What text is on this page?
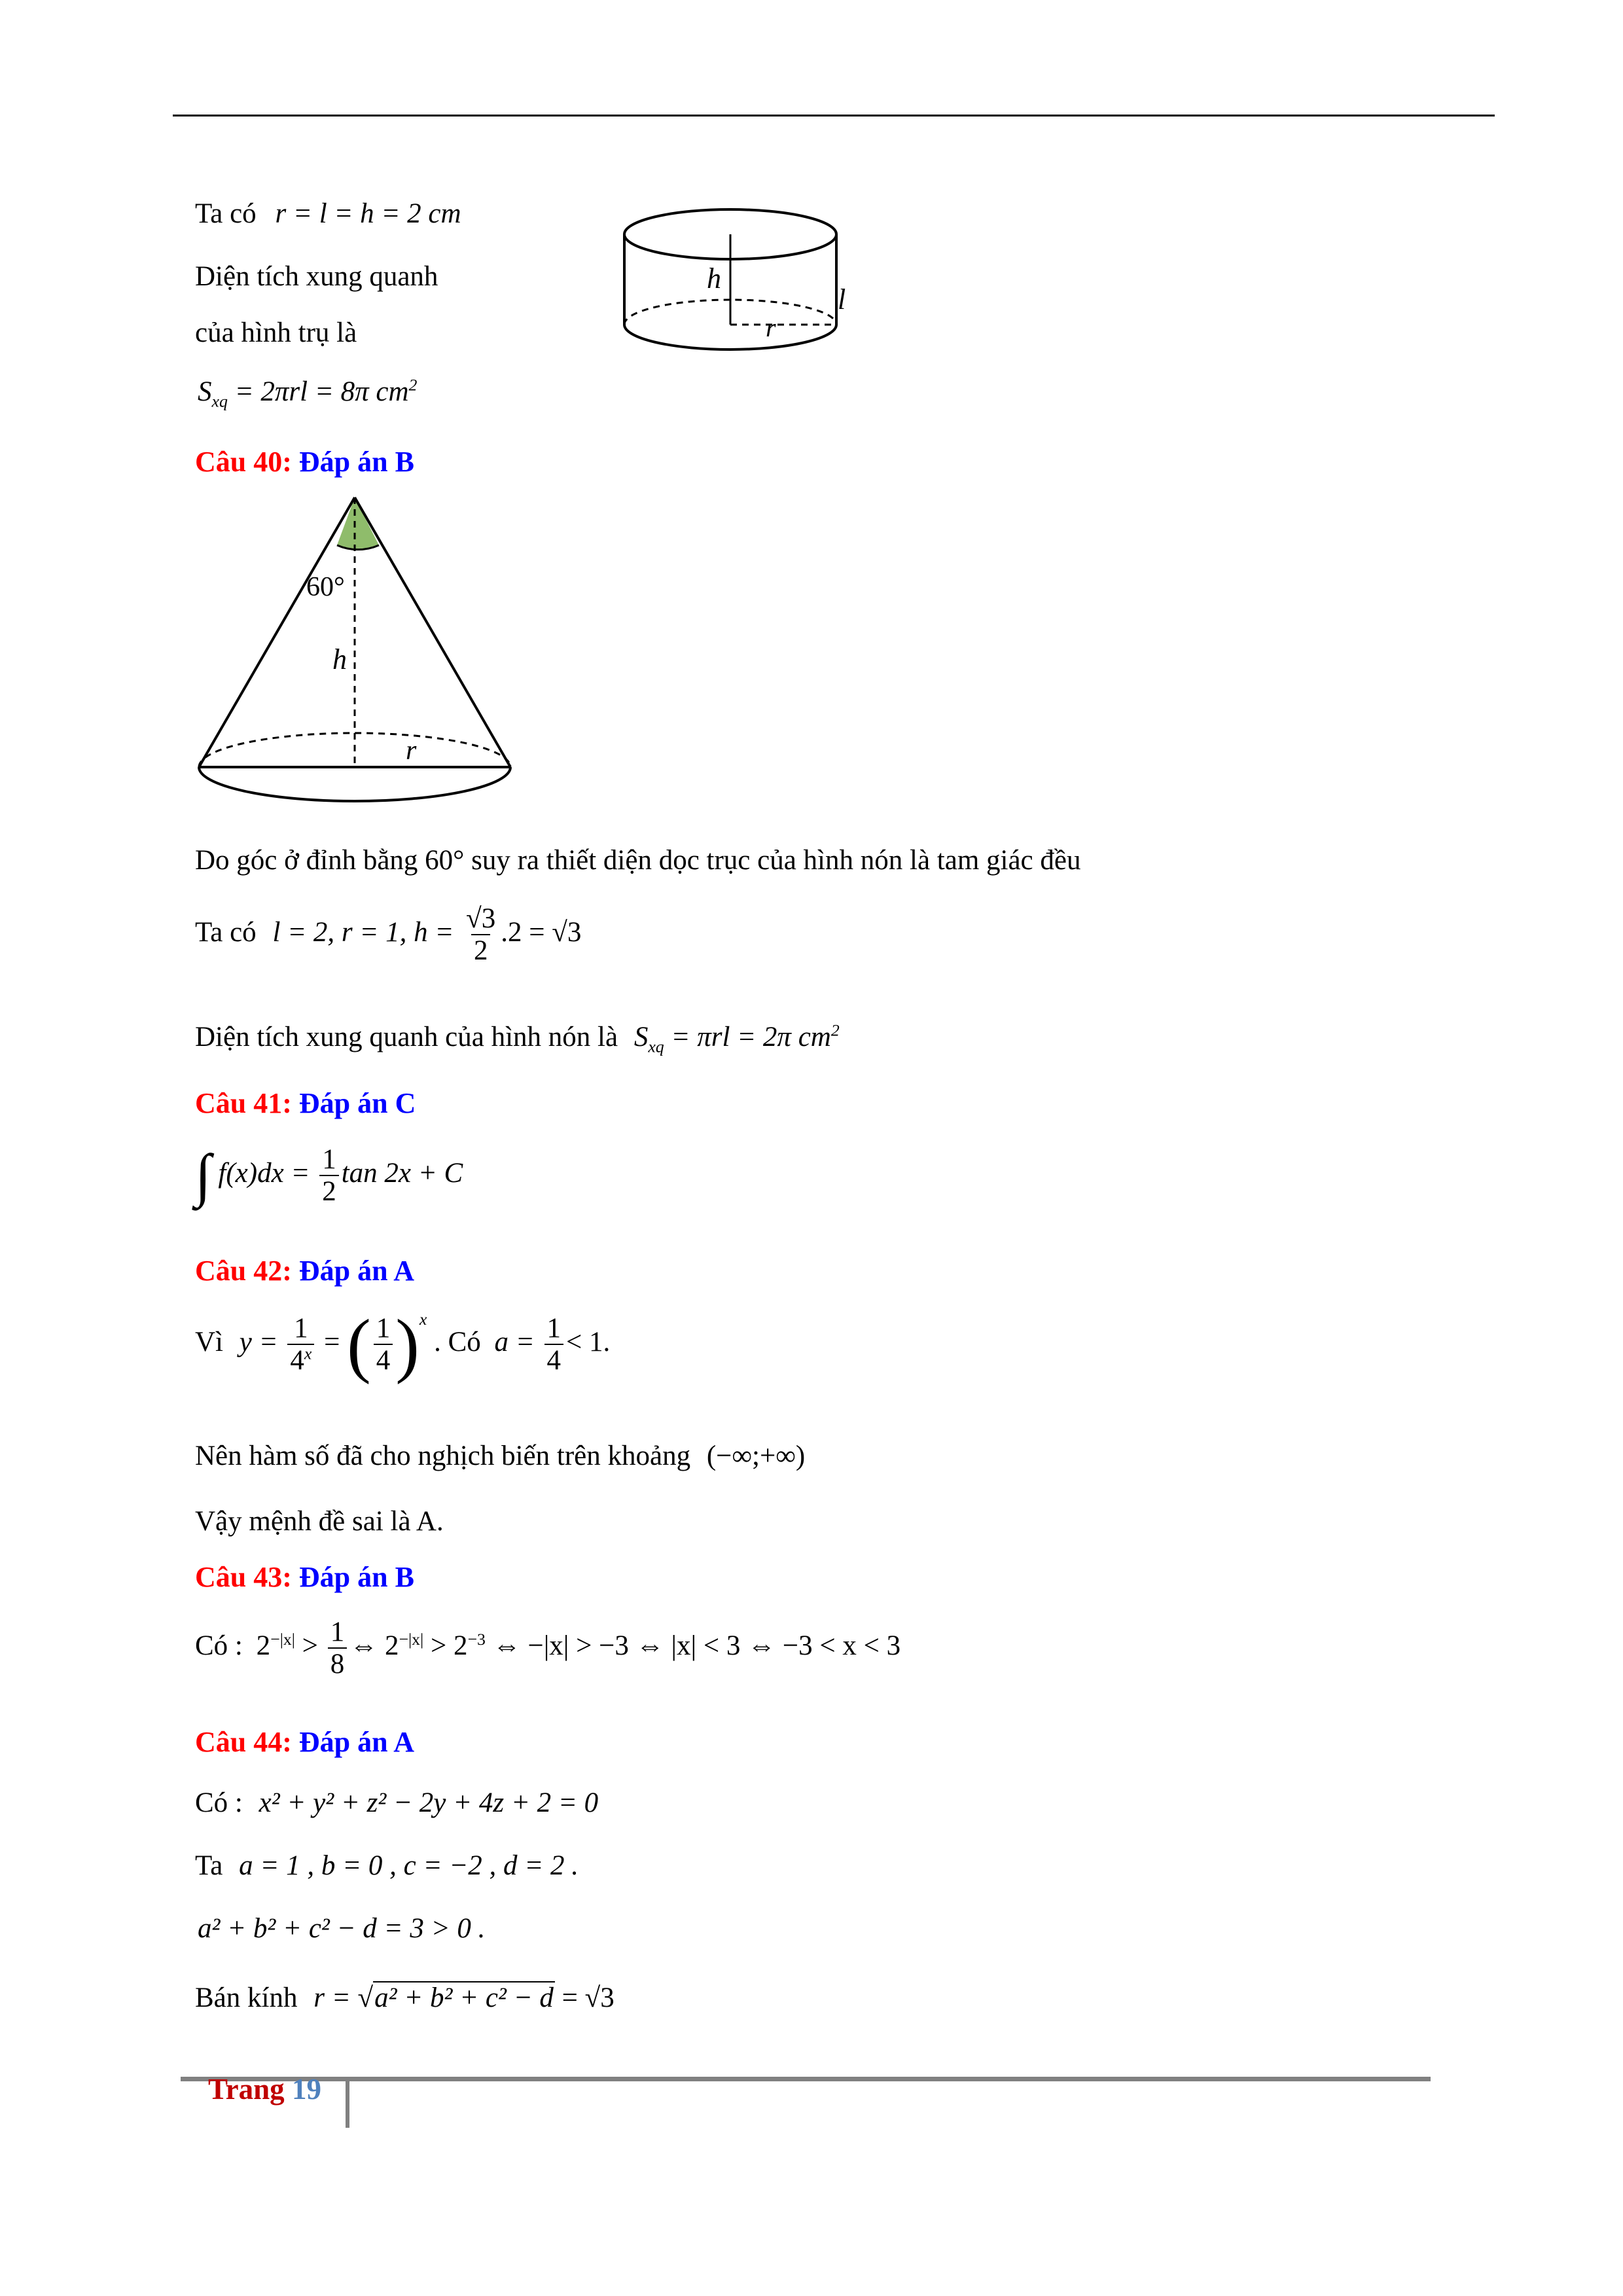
Ta có r = l = h = 2 cm
Diện tích xung quanh
của hình trụ là
$S_{xq} = 2\pi rl = 8\pi$ $cm^2$
h
l
r
Câu 40: Đáp án B
60°
h
r
Do góc ở đỉnh bằng 60° suy ra thiết diện dọc trục của hình nón là tam giác đều
Ta có l = 2, r = 1, $h = \frac{√3}{2} .2 = √3$
Diện tích xung quanh của hình nón là $S_{xq} = \pi rl = 2\pi$ $cm^2$
Câu 41: Đáp án C
∫ $f(x)dx = \frac{1}{2}$ tan 2x + C
Câu 42: Đáp án A
Vì $y = \frac{1}{4^x}$ = ( $\frac{1}{4} )^x$ . Có $a = \frac{1}{4} < 1$.
Nên hàm số đã cho nghịch biến trên khoảng (−∞;+∞)
Vậy mệnh đề sai là A.
Câu 43: Đáp án B
Có : $2^{-|x|} > \frac{1}{8}$ ⇔ $2^{-|x|} > 2^{-3}$ ⇔ −|x| > −3 ⇔ |x| < 3 ⇔ −3 < x < 3
Câu 44: Đáp án A
Có : x² + y² + z² − 2y + 4z + 2 = 0
Ta a = 1 , b = 0 , c = −2 , d = 2 .
a² + b² + c² − d = 3 > 0 .
Bán kính r = √a² + b² + c² − d = √3
Trang 19
